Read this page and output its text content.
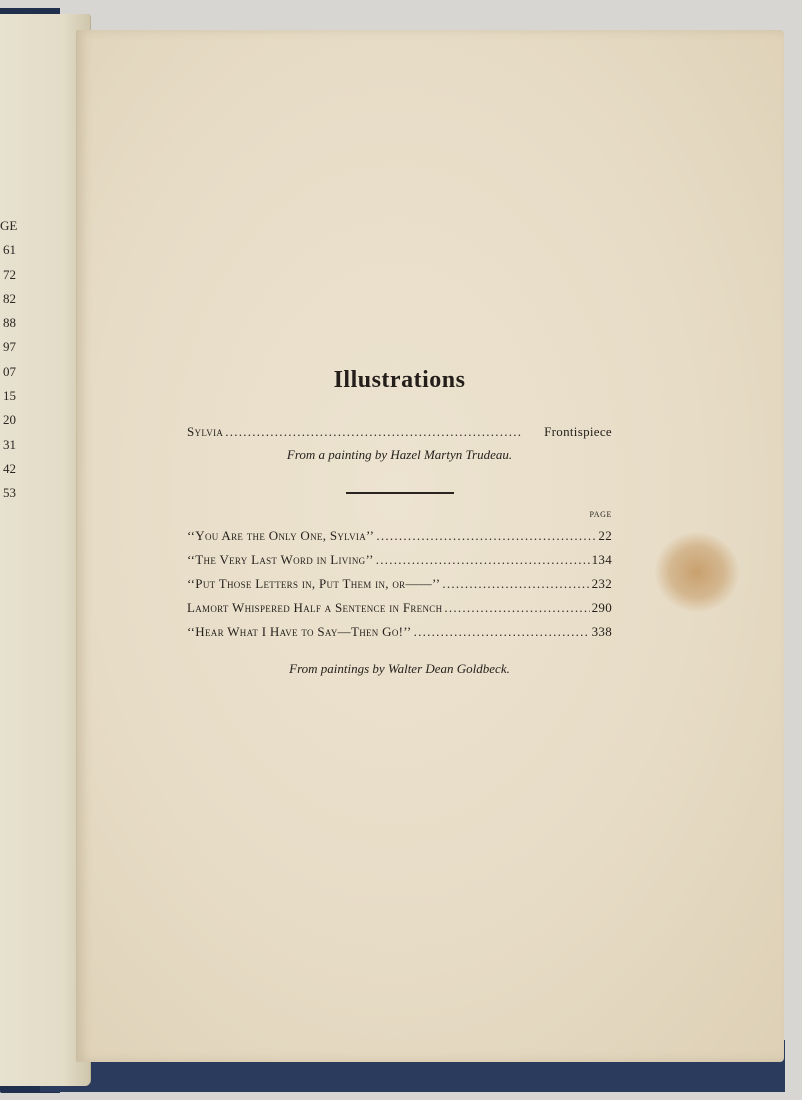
GE
61
72
82
88
97
07
15
20
31
42
53
Illustrations
Sylvia . . .	Frontispiece
From a painting by Hazel Martyn Trudeau.
page
‘‘You Are the Only One, Sylvia’’ . . .	22
‘‘The Very Last Word in Living’’ . . .	134
‘‘Put Those Letters in, Put Them in, or——’’ . . .	232
Lamort Whispered Half a Sentence in French . . .	290
‘‘Hear What I Have to Say—Then Go!’’ . . .	338
From paintings by Walter Dean Goldbeck.
